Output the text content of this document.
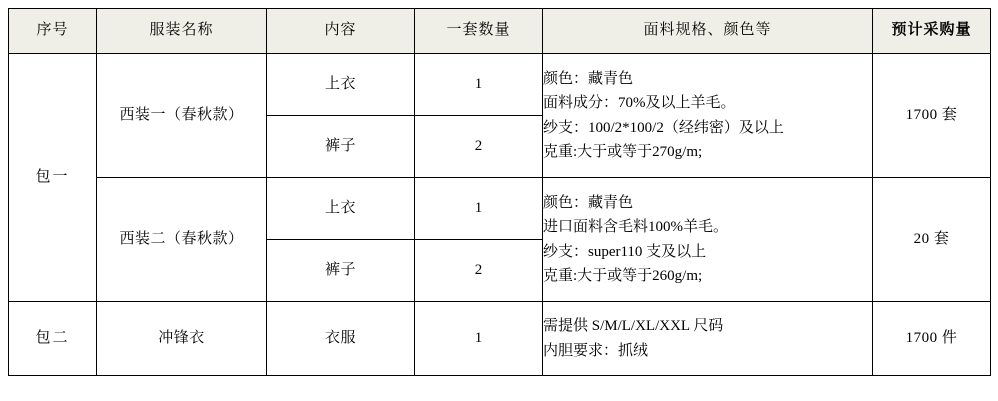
序号	服装名称	内容	一套数量	面料规格、颜色等	预计采购量
包一	西装一（春秋款）	上衣	1	颜色：藏青色
面料成分：70%及以上羊毛。
纱支：100/2*100/2（经纬密）及以上
克重:大于或等于270g/m;	1700 套
		裤子	2		
	西装二（春秋款）	上衣	1	颜色：藏青色
进口面料含毛料100%羊毛。
纱支：super110 支及以上
克重:大于或等于260g/m;	20 套
		裤子	2		
包二	冲锋衣	衣服	1	需提供 S/M/L/XL/XXL 尺码
内胆要求：抓绒	1700 件
